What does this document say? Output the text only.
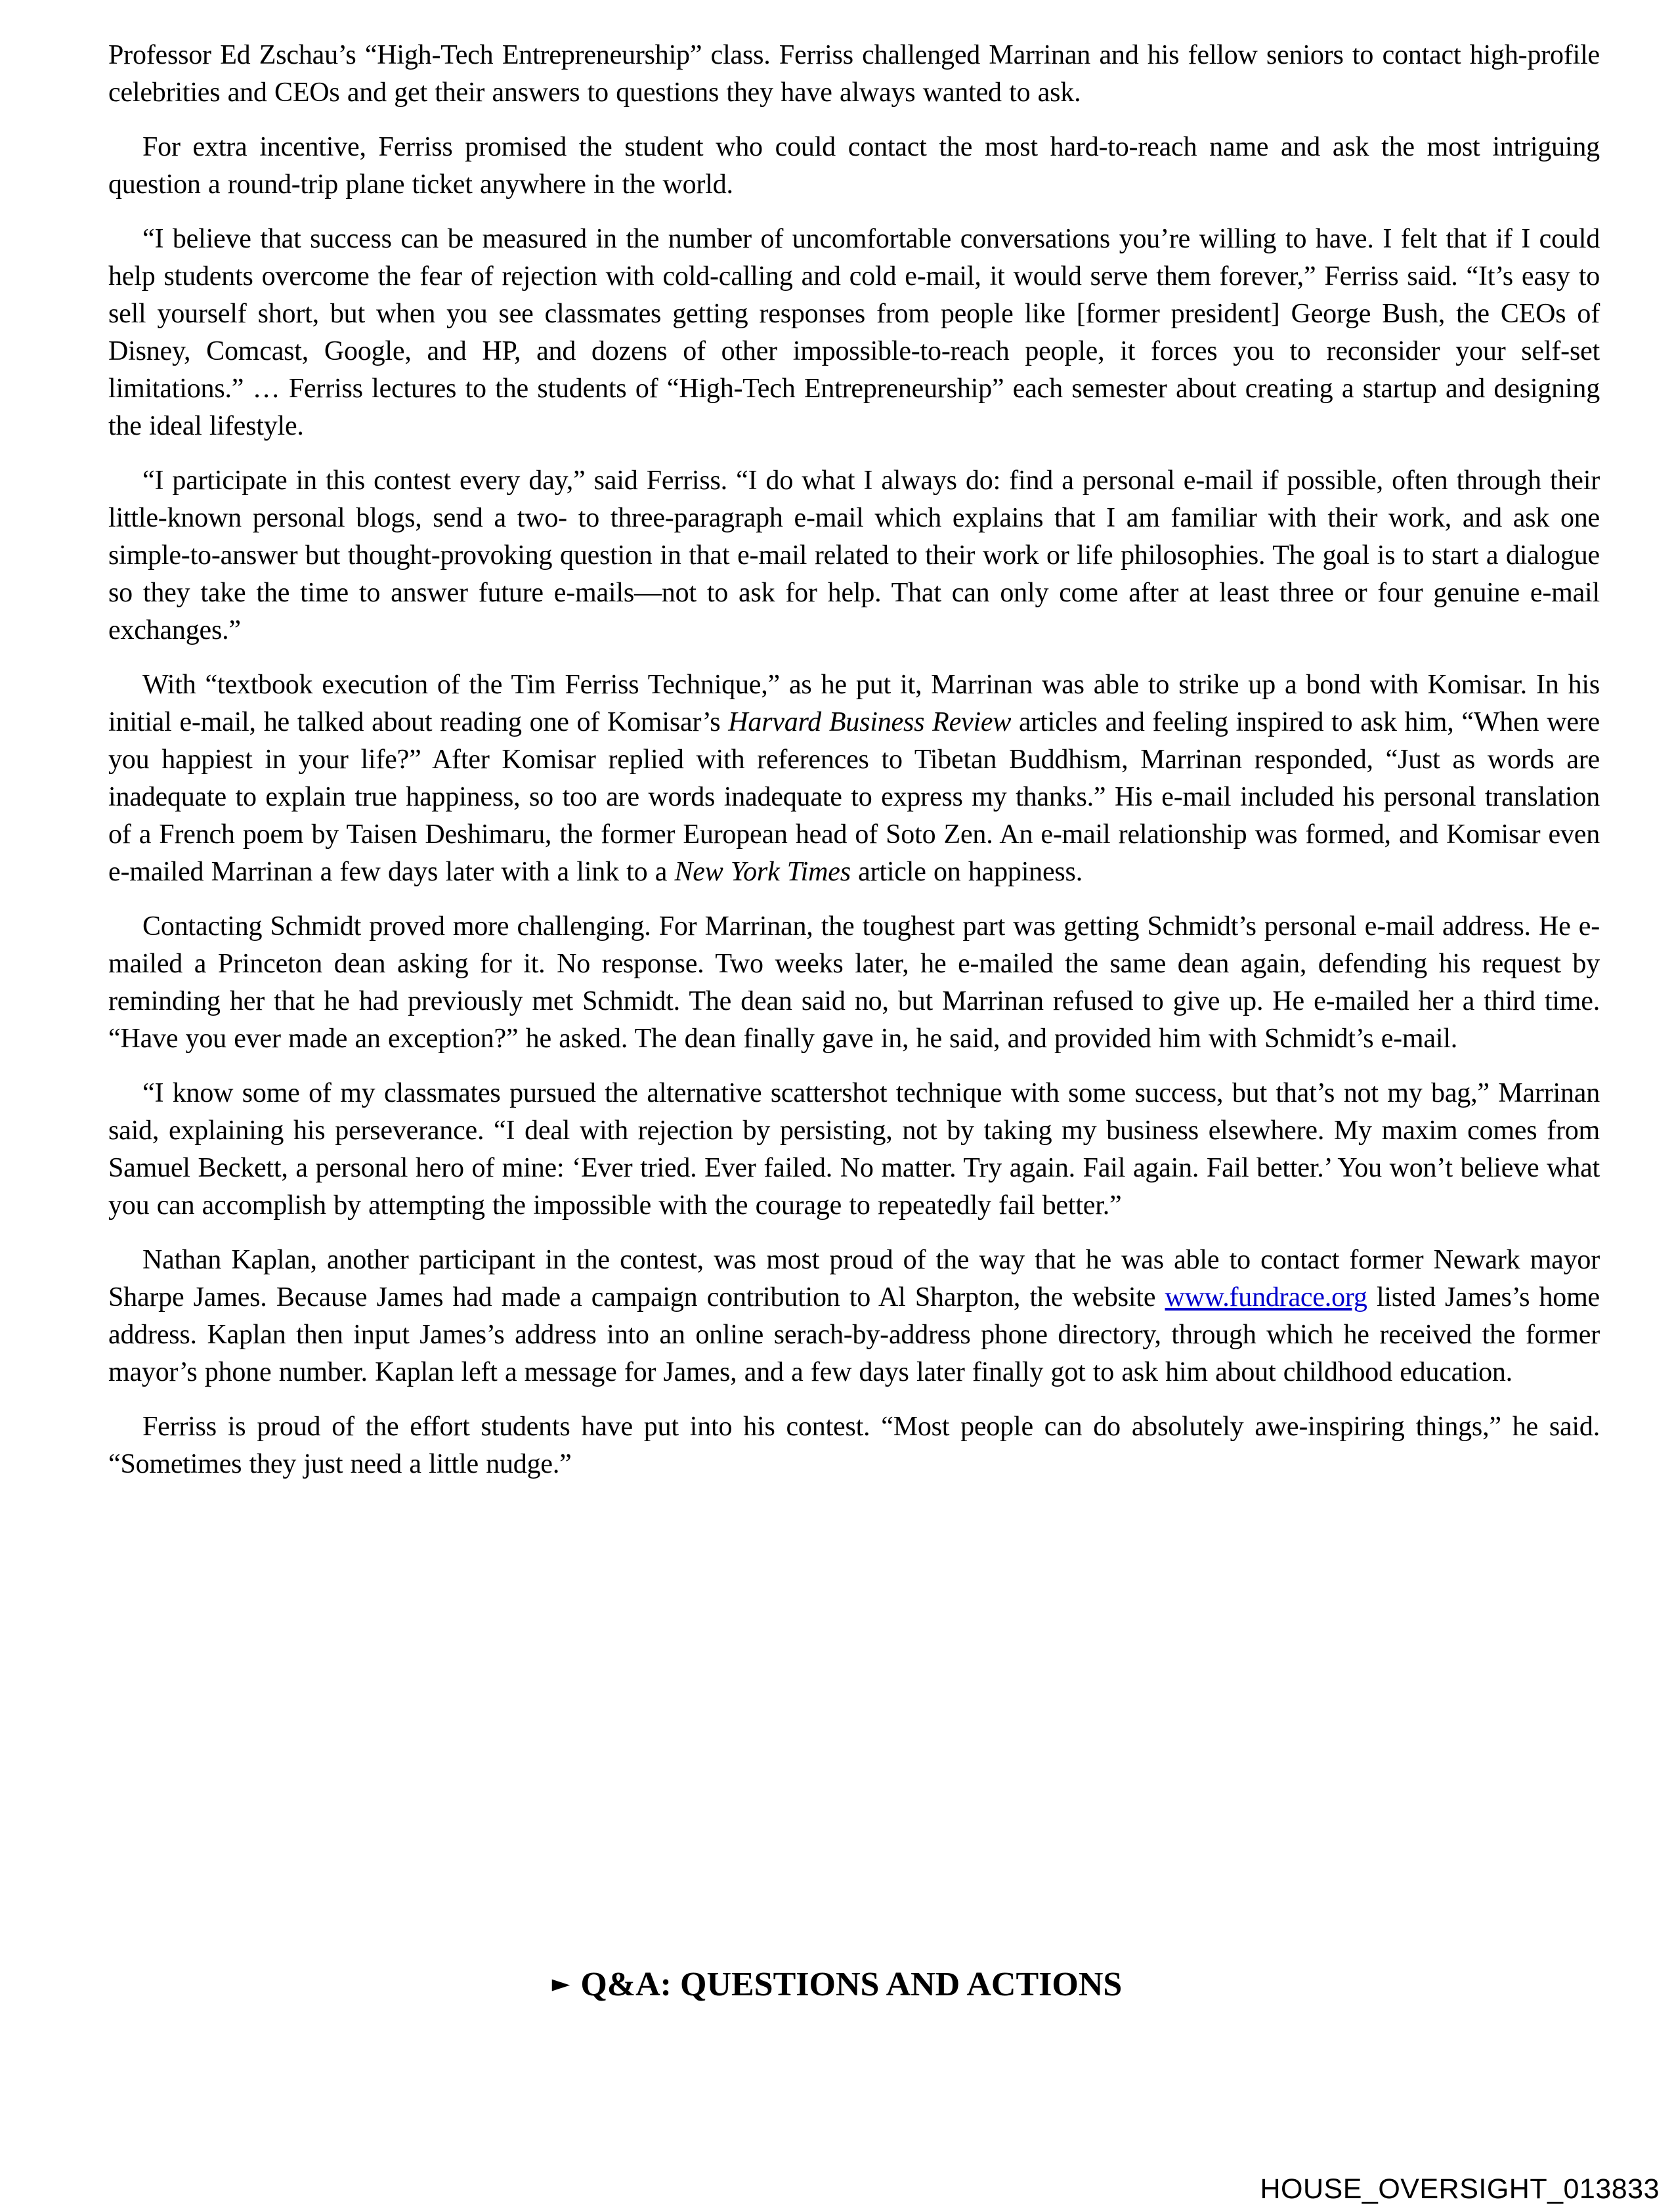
Professor Ed Zschau’s “High-Tech Entrepreneurship” class. Ferriss challenged Marrinan and his fellow seniors to contact high-profile celebrities and CEOs and get their answers to questions they have always wanted to ask.

For extra incentive, Ferriss promised the student who could contact the most hard-to-reach name and ask the most intriguing question a round-trip plane ticket anywhere in the world.

“I believe that success can be measured in the number of uncomfortable conversations you’re willing to have. I felt that if I could help students overcome the fear of rejection with cold-calling and cold e-mail, it would serve them forever,” Ferriss said. “It’s easy to sell yourself short, but when you see classmates getting responses from people like [former president] George Bush, the CEOs of Disney, Comcast, Google, and HP, and dozens of other impossible-to-reach people, it forces you to reconsider your self-set limitations.” … Ferriss lectures to the students of “High-Tech Entrepreneurship” each semester about creating a startup and designing the ideal lifestyle.

“I participate in this contest every day,” said Ferriss. “I do what I always do: find a personal e-mail if possible, often through their little-known personal blogs, send a two- to three-paragraph e-mail which explains that I am familiar with their work, and ask one simple-to-answer but thought-provoking question in that e-mail related to their work or life philosophies. The goal is to start a dialogue so they take the time to answer future e-mails—not to ask for help. That can only come after at least three or four genuine e-mail exchanges.”

With “textbook execution of the Tim Ferriss Technique,” as he put it, Marrinan was able to strike up a bond with Komisar. In his initial e-mail, he talked about reading one of Komisar’s Harvard Business Review articles and feeling inspired to ask him, “When were you happiest in your life?” After Komisar replied with references to Tibetan Buddhism, Marrinan responded, “Just as words are inadequate to explain true happiness, so too are words inadequate to express my thanks.” His e-mail included his personal translation of a French poem by Taisen Deshimaru, the former European head of Soto Zen. An e-mail relationship was formed, and Komisar even e-mailed Marrinan a few days later with a link to a New York Times article on happiness.

Contacting Schmidt proved more challenging. For Marrinan, the toughest part was getting Schmidt’s personal e-mail address. He e-mailed a Princeton dean asking for it. No response. Two weeks later, he e-mailed the same dean again, defending his request by reminding her that he had previously met Schmidt. The dean said no, but Marrinan refused to give up. He e-mailed her a third time. “Have you ever made an exception?” he asked. The dean finally gave in, he said, and provided him with Schmidt’s e-mail.

“I know some of my classmates pursued the alternative scattershot technique with some success, but that’s not my bag,” Marrinan said, explaining his perseverance. “I deal with rejection by persisting, not by taking my business elsewhere. My maxim comes from Samuel Beckett, a personal hero of mine: ‘Ever tried. Ever failed. No matter. Try again. Fail again. Fail better.’ You won’t believe what you can accomplish by attempting the impossible with the courage to repeatedly fail better.”

Nathan Kaplan, another participant in the contest, was most proud of the way that he was able to contact former Newark mayor Sharpe James. Because James had made a campaign contribution to Al Sharpton, the website www.fundrace.org listed James’s home address. Kaplan then input James’s address into an online serach-by-address phone directory, through which he received the former mayor’s phone number. Kaplan left a message for James, and a few days later finally got to ask him about childhood education.

Ferriss is proud of the effort students have put into his contest. “Most people can do absolutely awe-inspiring things,” he said. “Sometimes they just need a little nudge.”

► Q&A: QUESTIONS AND ACTIONS
HOUSE_OVERSIGHT_013833
